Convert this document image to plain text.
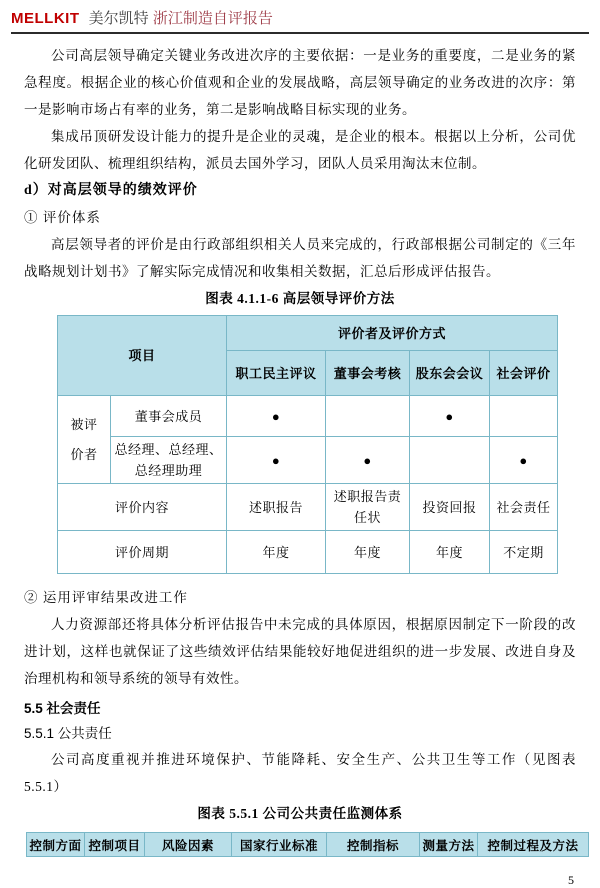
MELLKIT 美尔凯特 浙江制造自评报告

公司高层领导确定关键业务改进次序的主要依据：一是业务的重要度，二是业务的紧急程度。根据企业的核心价值观和企业的发展战略，高层领导确定的业务改进的次序：第一是影响市场占有率的业务，第二是影响战略目标实现的业务。

集成吊顶研发设计能力的提升是企业的灵魂，是企业的根本。根据以上分析，公司优化研发团队、梳理组织结构，派员去国外学习，团队人员采用淘汰末位制。

d）对高层领导的绩效评价

① 评价体系

高层领导者的评价是由行政部组织相关人员来完成的，行政部根据公司制定的《三年战略规划计划书》了解实际完成情况和收集相关数据，汇总后形成评估报告。

图表 4.1.1-6 高层领导评价方法

项目		评价者及评价方式			
		职工民主评议	董事会考核	股东会会议	社会评价
被评价者	董事会成员	●		●	
	总经理、总经理、总经理助理	●	●		●
评价内容		述职报告	述职报告责任状	投资回报	社会责任
评价周期		年度	年度	年度	不定期

② 运用评审结果改进工作

人力资源部还将具体分析评估报告中未完成的具体原因，根据原因制定下一阶段的改进计划，这样也就保证了这些绩效评估结果能较好地促进组织的进一步发展、改进自身及治理机构和领导系统的领导有效性。

5.5 社会责任

5.5.1 公共责任

公司高度重视并推进环境保护、节能降耗、安全生产、公共卫生等工作（见图表 5.5.1）

图表 5.5.1 公司公共责任监测体系

控制方面	控制项目	风险因素	国家行业标准	控制指标	测量方法	控制过程及方法
5
